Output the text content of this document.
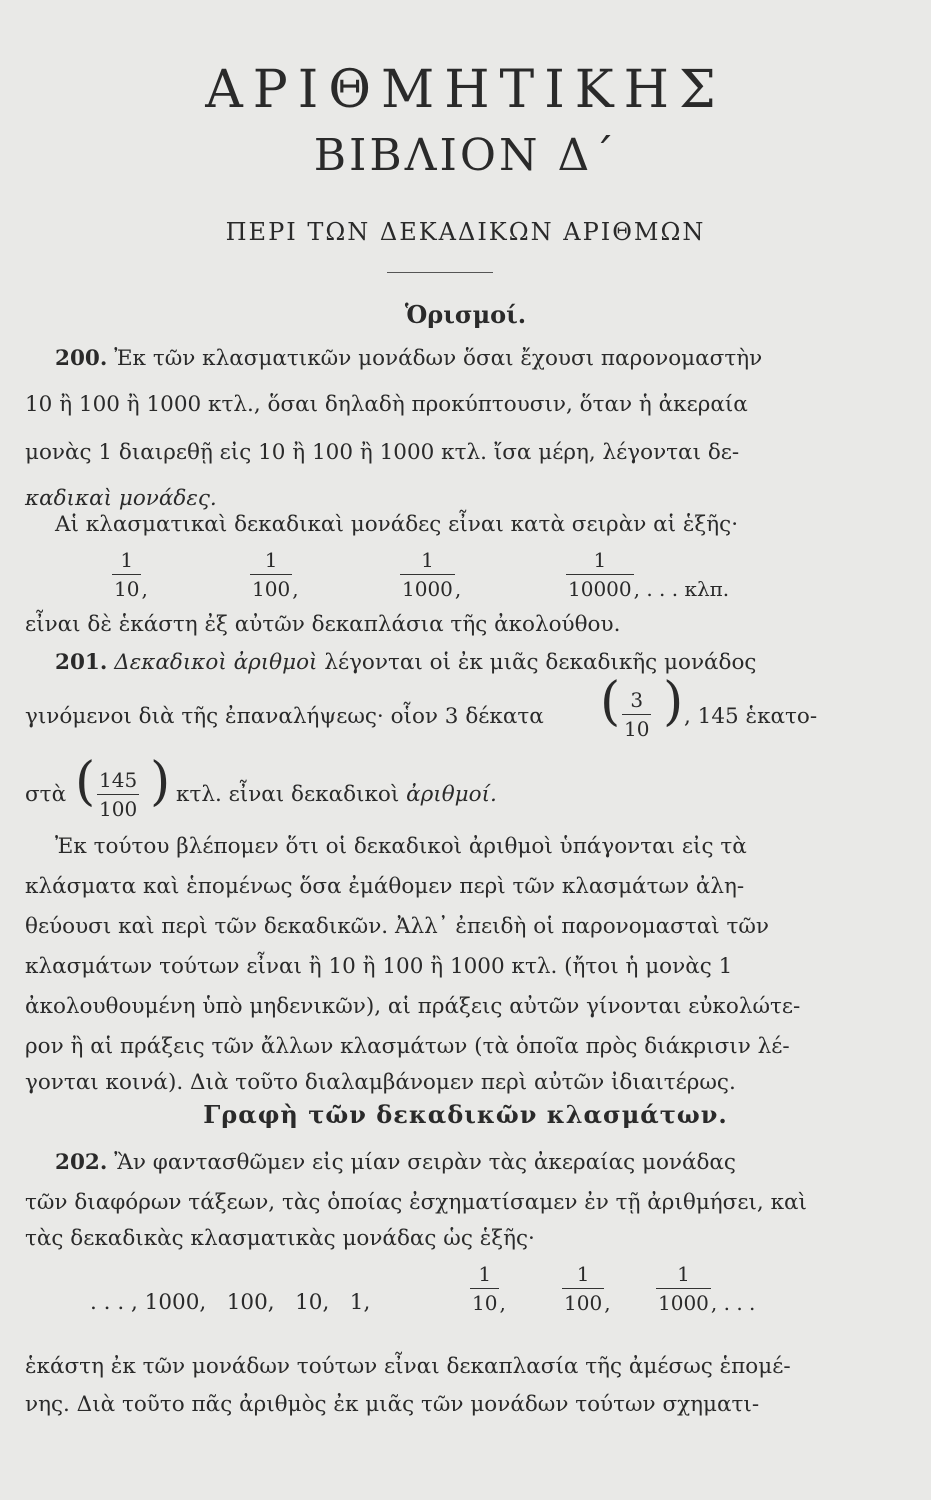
ΑΡΙΘΜΗΤΙΚΗΣ
ΒΙΒΛΙΟΝ Δ΄
ΠΕΡΙ ΤΩΝ ΔΕΚΑΔΙΚΩΝ ΑΡΙΘΜΩΝ
Ὁρισμοί.
200. Ἐκ τῶν κλασματικῶν μονάδων ὅσαι ἔχουσι παρονομαστὴν
10 ἢ 100 ἢ 1000 κτλ., ὅσαι δηλαδὴ προκύπτουσιν, ὅταν ἡ ἀκεραία
μονὰς 1 διαιρεθῇ εἰς 10 ἢ 100 ἢ 1000 κτλ. ἴσα μέρη, λέγονται δε-
καδικαὶ μονάδες.
Αἱ κλασματικαὶ δεκαδικαὶ μονάδες εἶναι κατὰ σειρὰν αἱ ἑξῆς·
1
10 ,
1
100 ,
1
1000 ,
1
10000 , . . . κλπ.
εἶναι δὲ ἑκάστη ἐξ αὐτῶν δεκαπλάσια τῆς ἀκολούθου.
201. Δεκαδικοὶ ἀριθμοὶ λέγονται οἱ ἐκ μιᾶς δεκαδικῆς μονάδος
γινόμενοι διὰ τῆς ἐπαναλήψεως· οἷον 3 δέκατα ( $\frac{3}{10}$ ) , 145 ἑκατο-
στὰ ( $\frac{145}{100}$ ) κτλ. εἶναι δεκαδικοὶ ἀριθμοί.
Ἐκ τούτου βλέπομεν ὅτι οἱ δεκαδικοὶ ἀριθμοὶ ὑπάγονται εἰς τὰ
κλάσματα καὶ ἑπομένως ὅσα ἐμάθομεν περὶ τῶν κλασμάτων ἀλη-
θεύουσι καὶ περὶ τῶν δεκαδικῶν. Ἀλλ᾽ ἐπειδὴ οἱ παρονομασταὶ τῶν
κλασμάτων τούτων εἶναι ἢ 10 ἢ 100 ἢ 1000 κτλ. (ἤτοι ἡ μονὰς 1
ἀκολουθουμένη ὑπὸ μηδενικῶν), αἱ πράξεις αὐτῶν γίνονται εὐκολώτε-
ρον ἢ αἱ πράξεις τῶν ἄλλων κλασμάτων (τὰ ὁποῖα πρὸς διάκρισιν λέ-
γονται κοινά). Διὰ τοῦτο διαλαμβάνομεν περὶ αὐτῶν ἰδιαιτέρως.
Γραφὴ τῶν δεκαδικῶν κλασμάτων.
202. Ἂν φαντασθῶμεν εἰς μίαν σειρὰν τὰς ἀκεραίας μονάδας
τῶν διαφόρων τάξεων, τὰς ὁποίας ἐσχηματίσαμεν ἐν τῇ ἀριθμήσει, καὶ
τὰς δεκαδικὰς κλασματικὰς μονάδας ὡς ἑξῆς·
. . . , 1000,   100,   10,   1,
1
10 ,
1
100 ,
1
1000 , . . .
ἑκάστη ἐκ τῶν μονάδων τούτων εἶναι δεκαπλασία τῆς ἀμέσως ἑπομέ-
νης. Διὰ τοῦτο πᾶς ἀριθμὸς ἐκ μιᾶς τῶν μονάδων τούτων σχηματι-
